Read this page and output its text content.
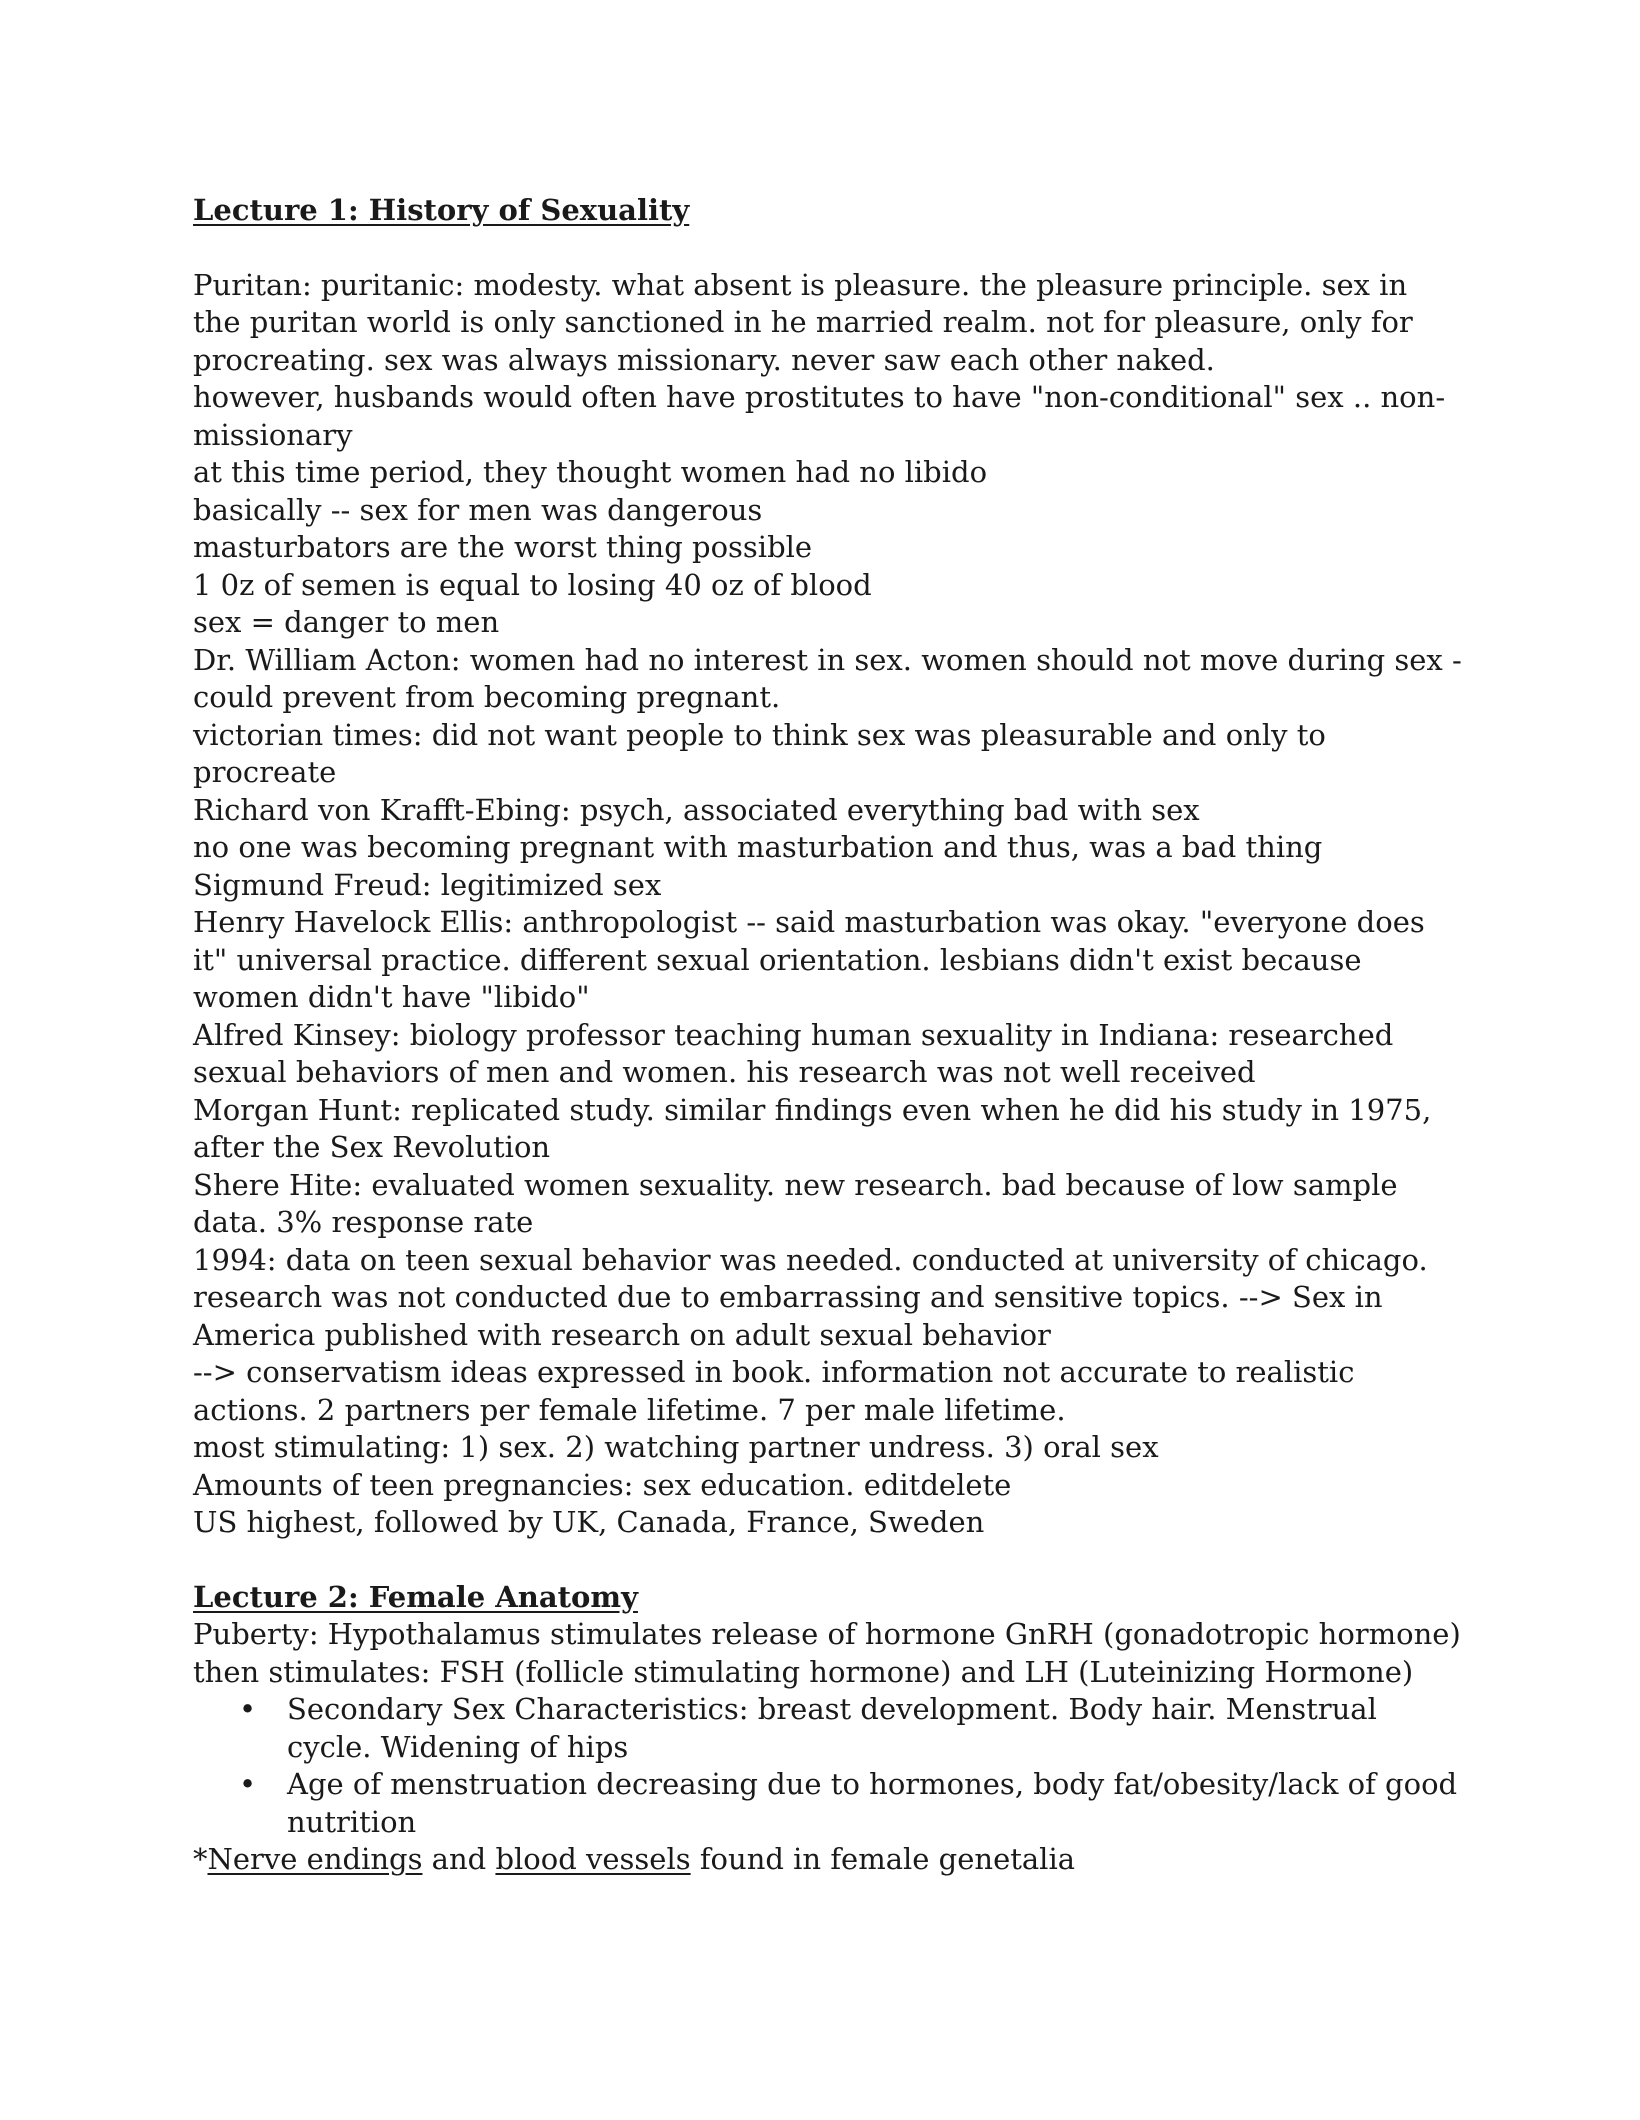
Lecture 1: History of Sexuality

Puritan: puritanic: modesty. what absent is pleasure. the pleasure principle. sex in the puritan world is only sanctioned in he married realm. not for pleasure, only for procreating. sex was always missionary. never saw each other naked.

however, husbands would often have prostitutes to have "non-conditional" sex .. non-missionary

at this time period, they thought women had no libido

basically -- sex for men was dangerous

masturbators are the worst thing possible

1 0z of semen is equal to losing 40 oz of blood

sex = danger to men

Dr. William Acton: women had no interest in sex. women should not move during sex - could prevent from becoming pregnant.

victorian times: did not want people to think sex was pleasurable and only to procreate

Richard von Krafft-Ebing: psych, associated everything bad with sex

no one was becoming pregnant with masturbation and thus, was a bad thing

Sigmund Freud: legitimized sex

Henry Havelock Ellis: anthropologist -- said masturbation was okay. "everyone does it" universal practice. different sexual orientation. lesbians didn't exist because women didn't have "libido"

Alfred Kinsey: biology professor teaching human sexuality in Indiana: researched sexual behaviors of men and women. his research was not well received

Morgan Hunt: replicated study. similar findings even when he did his study in 1975, after the Sex Revolution

Shere Hite: evaluated women sexuality. new research. bad because of low sample data. 3% response rate

1994: data on teen sexual behavior was needed. conducted at university of chicago. research was not conducted due to embarrassing and sensitive topics. --> Sex in America published with research on adult sexual behavior

--> conservatism ideas expressed in book. information not accurate to realistic actions. 2 partners per female lifetime. 7 per male lifetime.

most stimulating: 1) sex. 2) watching partner undress. 3) oral sex

Amounts of teen pregnancies: sex education. editdelete

US highest, followed by UK, Canada, France, Sweden

Lecture 2: Female Anatomy

Puberty: Hypothalamus stimulates release of hormone GnRH (gonadotropic hormone) then stimulates: FSH (follicle stimulating hormone) and LH (Luteinizing Hormone)

• Secondary Sex Characteristics: breast development. Body hair. Menstrual cycle. Widening of hips
• Age of menstruation decreasing due to hormones, body fat/obesity/lack of good nutrition

*Nerve endings and blood vessels found in female genetalia
